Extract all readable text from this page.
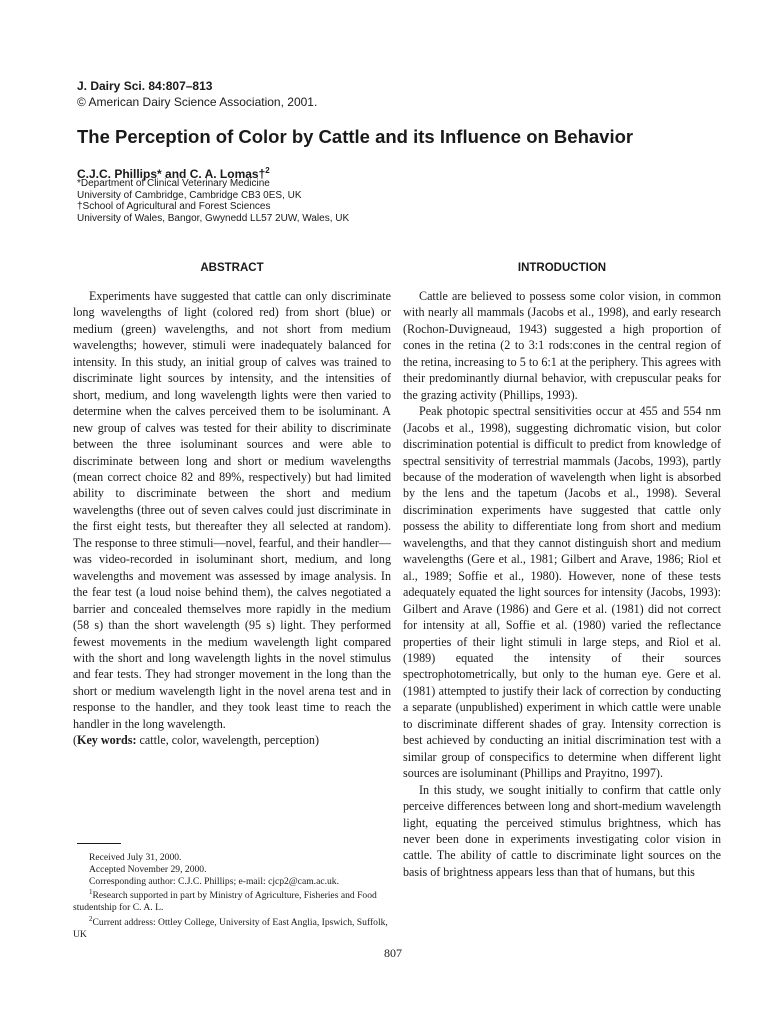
J. Dairy Sci. 84:807–813
© American Dairy Science Association, 2001.
The Perception of Color by Cattle and its Influence on Behavior
C.J.C. Phillips* and C. A. Lomas†$^2$
*Department of Clinical Veterinary Medicine
University of Cambridge, Cambridge CB3 0ES, UK
†School of Agricultural and Forest Sciences
University of Wales, Bangor, Gwynedd LL57 2UW, Wales, UK
ABSTRACT

Experiments have suggested that cattle can only discriminate long wavelengths of light (colored red) from short (blue) or medium (green) wavelengths, and not short from medium wavelengths; however, stimuli were inadequately balanced for intensity. In this study, an initial group of calves was trained to discriminate light sources by intensity, and the intensities of short, medium, and long wavelength lights were then varied to determine when the calves perceived them to be isoluminant. A new group of calves was tested for their ability to discriminate between the three isoluminant sources and were able to discriminate between long and short or medium wavelengths (mean correct choice 82 and 89%, respectively) but had limited ability to discriminate between the short and medium wavelengths (three out of seven calves could just discriminate in the first eight tests, but thereafter they all selected at random). The response to three stimuli—novel, fearful, and their handler—was video-recorded in isoluminant short, medium, and long wavelengths and movement was assessed by image analysis. In the fear test (a loud noise behind them), the calves negotiated a barrier and concealed themselves more rapidly in the medium (58 s) than the short wavelength (95 s) light. They performed fewest movements in the medium wavelength light compared with the short and long wavelength lights in the novel stimulus and fear tests. They had stronger movement in the long than the short or medium wavelength light in the novel arena test and in response to the handler, and they took least time to reach the handler in the long wavelength.

(Key words: cattle, color, wavelength, perception)

Received July 31, 2000.
Accepted November 29, 2000.
Corresponding author: C.J.C. Phillips; e-mail: cjcp2@cam.ac.uk.
$^1$Research supported in part by Ministry of Agriculture, Fisheries and Food studentship for C. A. L.
$^2$Current address: Ottley College, University of East Anglia, Ipswich, Suffolk, UK
INTRODUCTION

Cattle are believed to possess some color vision, in common with nearly all mammals (Jacobs et al., 1998), and early research (Rochon-Duvigneaud, 1943) suggested a high proportion of cones in the retina (2 to 3:1 rods:cones in the central region of the retina, increasing to 5 to 6:1 at the periphery. This agrees with their predominantly diurnal behavior, with crepuscular peaks for the grazing activity (Phillips, 1993).

Peak photopic spectral sensitivities occur at 455 and 554 nm (Jacobs et al., 1998), suggesting dichromatic vision, but color discrimination potential is difficult to predict from knowledge of spectral sensitivity of terrestrial mammals (Jacobs, 1993), partly because of the moderation of wavelength when light is absorbed by the lens and the tapetum (Jacobs et al., 1998). Several discrimination experiments have suggested that cattle only possess the ability to differentiate long from short and medium wavelengths, and that they cannot distinguish short and medium wavelengths (Gere et al., 1981; Gilbert and Arave, 1986; Riol et al., 1989; Soffie et al., 1980). However, none of these tests adequately equated the light sources for intensity (Jacobs, 1993): Gilbert and Arave (1986) and Gere et al. (1981) did not correct for intensity at all, Soffie et al. (1980) varied the reflectance properties of their light stimuli in large steps, and Riol et al. (1989) equated the intensity of their sources spectrophotometrically, but only to the human eye. Gere et al. (1981) attempted to justify their lack of correction by conducting a separate (unpublished) experiment in which cattle were unable to discriminate different shades of gray. Intensity correction is best achieved by conducting an initial discrimination test with a similar group of conspecifics to determine when different light sources are isoluminant (Phillips and Prayitno, 1997).

In this study, we sought initially to confirm that cattle only perceive differences between long and short-medium wavelength light, equating the perceived stimulus brightness, which has never been done in experiments investigating color vision in cattle. The ability of cattle to discriminate light sources on the basis of brightness appears less than that of humans, but this

807
